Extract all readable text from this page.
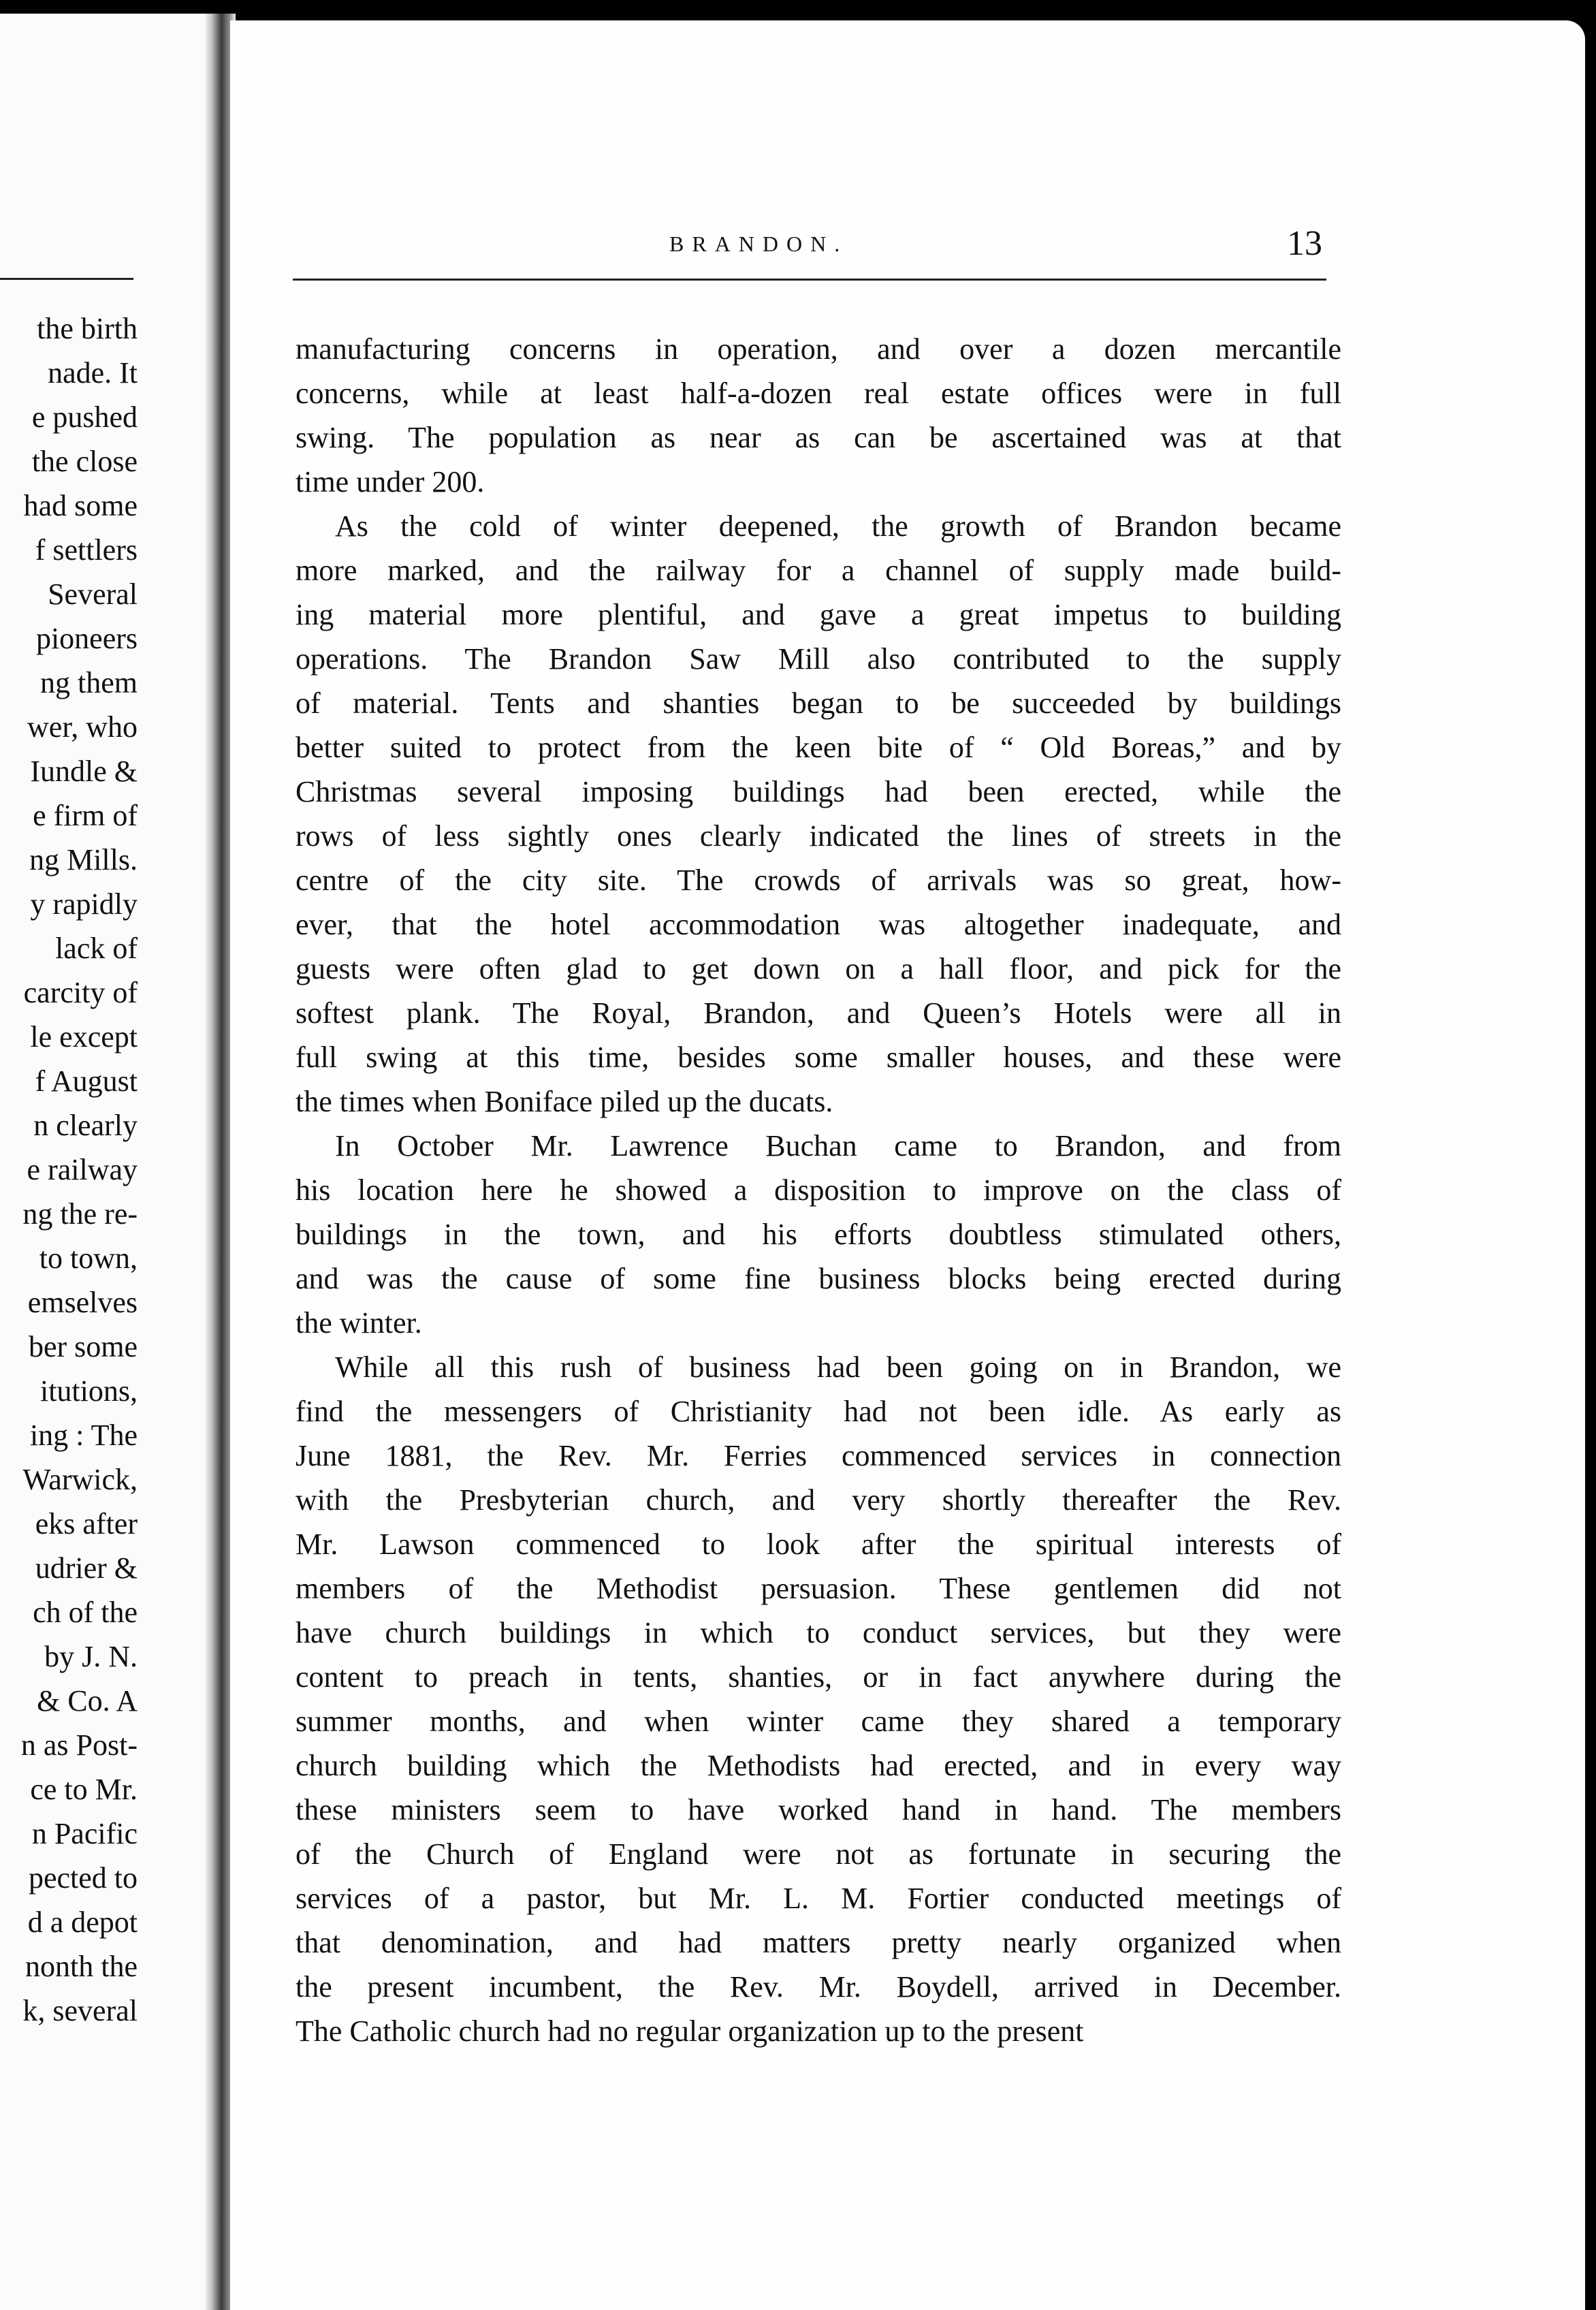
the birth
nade. It
e pushed
the close
had some
f settlers
Several
pioneers
ng them
wer, who
Iundle &
e firm of
ng Mills.
y rapidly
lack of
carcity of
le except
f August
n clearly
e railway
ng the re-
to town,
emselves
ber some
itutions,
ing : The
Warwick,
eks after
udrier &
ch of the
by J. N.
& Co. A
n as Post-
ce to Mr.
n Pacific
pected to
d a depot
nonth the
k, several
BRANDON.	13

manufacturing concerns in operation, and over a dozen mercantile

concerns, while at least half-a-dozen real estate offices were in full

swing. The population as near as can be ascertained was at that

time under 200.

As the cold of winter deepened, the growth of Brandon became

more marked, and the railway for a channel of supply made build-

ing material more plentiful, and gave a great impetus to building

operations. The Brandon Saw Mill also contributed to the supply

of material. Tents and shanties began to be succeeded by buildings

better suited to protect from the keen bite of “ Old Boreas,” and by

Christmas several imposing buildings had been erected, while the

rows of less sightly ones clearly indicated the lines of streets in the

centre of the city site. The crowds of arrivals was so great, how-

ever, that the hotel accommodation was altogether inadequate, and

guests were often glad to get down on a hall floor, and pick for the

softest plank. The Royal, Brandon, and Queen’s Hotels were all in

full swing at this time, besides some smaller houses, and these were

the times when Boniface piled up the ducats.

In October Mr. Lawrence Buchan came to Brandon, and from

his location here he showed a disposition to improve on the class of

buildings in the town, and his efforts doubtless stimulated others,

and was the cause of some fine business blocks being erected during

the winter.

While all this rush of business had been going on in Brandon, we

find the messengers of Christianity had not been idle. As early as

June 1881, the Rev. Mr. Ferries commenced services in connection

with the Presbyterian church, and very shortly thereafter the Rev.

Mr. Lawson commenced to look after the spiritual interests of

members of the Methodist persuasion. These gentlemen did not

have church buildings in which to conduct services, but they were

content to preach in tents, shanties, or in fact anywhere during the

summer months, and when winter came they shared a temporary

church building which the Methodists had erected, and in every way

these ministers seem to have worked hand in hand. The members

of the Church of England were not as fortunate in securing the

services of a pastor, but Mr. L. M. Fortier conducted meetings of

that denomination, and had matters pretty nearly organized when

the present incumbent, the Rev. Mr. Boydell, arrived in December.

The Catholic church had no regular organization up to the present
